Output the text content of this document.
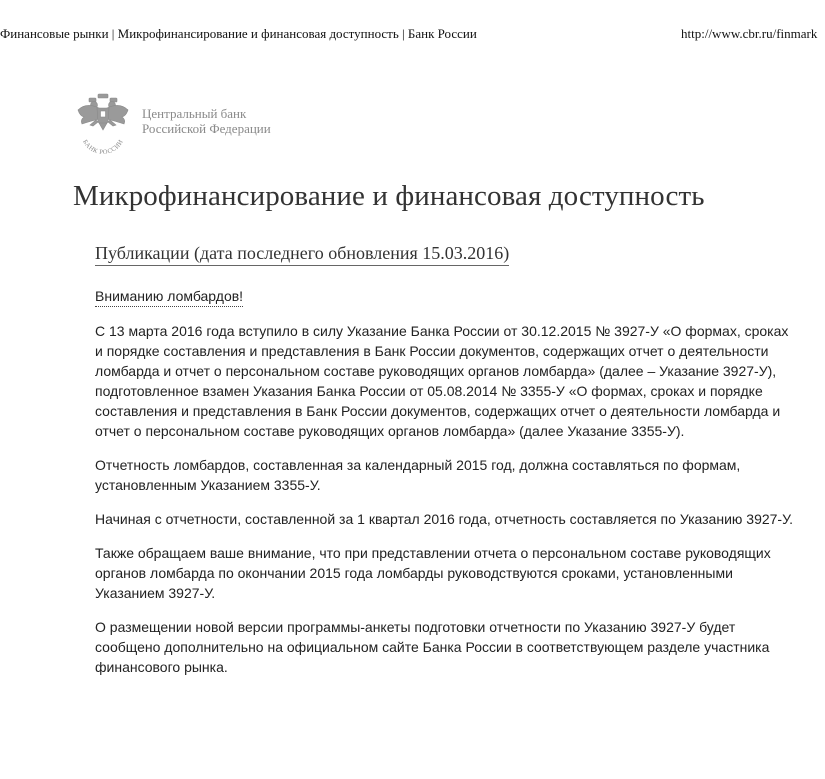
Финансовые рынки | Микрофинансирование и финансовая доступность | Банк России	http://www.cbr.ru/finmark
БАНК РОССИИ
Центральный банк
Российской Федерации
Микрофинансирование и финансовая доступность
Публикации (дата последнего обновления 15.03.2016)
Вниманию ломбардов!

С 13 марта 2016 года вступило в силу Указание Банка России от 30.12.2015 № 3927-У «О формах, сроках и порядке составления и представления в Банк России документов, содержащих отчет о деятельности ломбарда и отчет о персональном составе руководящих органов ломбарда» (далее – Указание 3927-У), подготовленное взамен Указания Банка России от 05.08.2014 № 3355-У «О формах, сроках и порядке составления и представления в Банк России документов, содержащих отчет о деятельности ломбарда и отчет о персональном составе руководящих органов ломбарда» (далее Указание 3355-У).

Отчетность ломбардов, составленная за календарный 2015 год, должна составляться по формам, установленным Указанием 3355-У.

Начиная с отчетности, составленной за 1 квартал 2016 года, отчетность составляется по Указанию 3927-У.

Также обращаем ваше внимание, что при представлении отчета о персональном составе руководящих органов ломбарда по окончании 2015 года ломбарды руководствуются сроками, установленными Указанием 3927-У.

О размещении новой версии программы-анкеты подготовки отчетности по Указанию 3927-У будет сообщено дополнительно на официальном сайте Банка России в соответствующем разделе участника финансового рынка.
